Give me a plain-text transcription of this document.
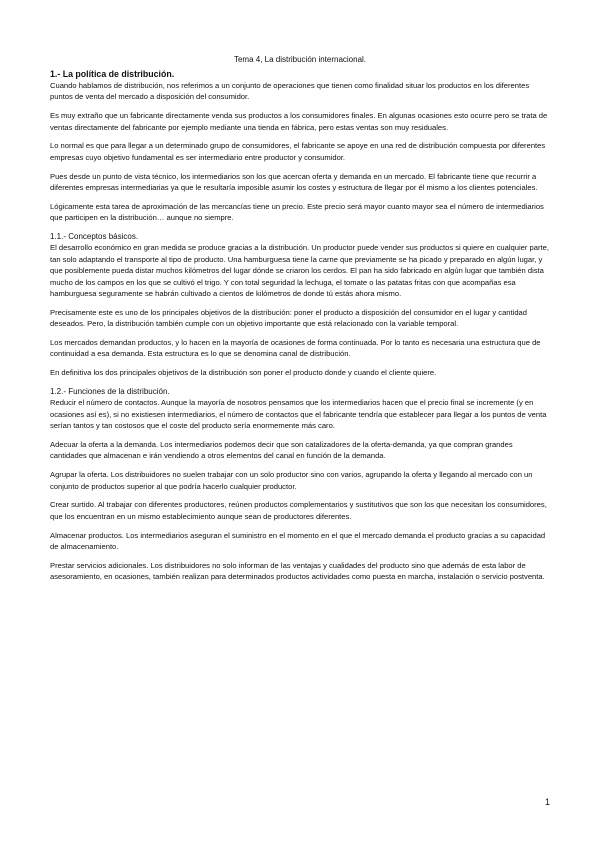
Tema 4, La distribución internacional.
1.- La política de distribución.

Cuando hablamos de distribución, nos referimos a un conjunto de operaciones que tienen como finalidad situar los productos en los diferentes puntos de venta del mercado a disposición del consumidor.

Es muy extraño que un fabricante directamente venda sus productos a los consumidores finales. En algunas ocasiones esto ocurre pero se trata de ventas directamente del fabricante por ejemplo mediante una tienda en fábrica, pero estas ventas son muy residuales.

Lo normal es que para llegar a un determinado grupo de consumidores, el fabricante se apoye en una red de distribución compuesta por diferentes empresas cuyo objetivo fundamental es ser intermediario entre productor y consumidor.

Pues desde un punto de vista técnico, los intermediarios son los que acercan oferta y demanda en un mercado. El fabricante tiene que recurrir a diferentes empresas intermediarias ya que le resultaría imposible asumir los costes y estructura de llegar por él mismo a los clientes potenciales.

Lógicamente esta tarea de aproximación de las mercancías tiene un precio. Este precio será mayor cuanto mayor sea el número de intermediarios que participen en la distribución… aunque no siempre.

1.1.- Conceptos básicos.

El desarrollo económico en gran medida se produce gracias a la distribución. Un productor puede vender sus productos si quiere en cualquier parte, tan solo adaptando el transporte al tipo de producto. Una hamburguesa tiene la carne que previamente se ha picado y preparado en algún lugar, y que posiblemente pueda distar muchos kilómetros del lugar dónde se criaron los cerdos. El pan ha sido fabricado en algún lugar que también dista mucho de los campos en los que se cultivó el trigo. Y con total seguridad la lechuga, el tomate o las patatas fritas con que acompañas esa hamburguesa seguramente se habrán cultivado a cientos de kilómetros de donde tú estás ahora mismo.

Precisamente este es uno de los principales objetivos de la distribución: poner el producto a disposición del consumidor en el lugar y cantidad deseados. Pero, la distribución también cumple con un objetivo importante que está relacionado con la variable temporal.

Los mercados demandan productos, y lo hacen en la mayoría de ocasiones de forma continuada. Por lo tanto es necesaria una estructura que de continuidad a esa demanda. Esta estructura es lo que se denomina canal de distribución.

En definitiva los dos principales objetivos de la distribución son poner el producto donde y cuando el cliente quiere.

1.2.- Funciones de la distribución.

Reducir el número de contactos. Aunque la mayoría de nosotros pensamos que los intermediarios hacen que el precio final se incremente (y en ocasiones así es), si no existiesen intermediarios, el número de contactos que el fabricante tendría que establecer para llegar a los puntos de venta serían tantos y tan costosos que el coste del producto sería enormemente más caro.

Adecuar la oferta a la demanda. Los intermediarios podemos decir que son catalizadores de la oferta-demanda, ya que compran grandes cantidades que almacenan e irán vendiendo a otros elementos del canal en función de la demanda.

Agrupar la oferta. Los distribuidores no suelen trabajar con un solo productor sino con varios, agrupando la oferta y llegando al mercado con un conjunto de productos superior al que podría hacerlo cualquier productor.

Crear surtido. Al trabajar con diferentes productores, reúnen productos complementarios y sustitutivos que son los que necesitan los consumidores, que los encuentran en un mismo establecimiento aunque sean de productores diferentes.

Almacenar productos. Los intermediarios aseguran el suministro en el momento en el que el mercado demanda el producto gracias a su capacidad de almacenamiento.

Prestar servicios adicionales. Los distribuidores no solo informan de las ventajas y cualidades del producto sino que además de esta labor de asesoramiento, en ocasiones, también realizan para determinados productos actividades como puesta en marcha, instalación o servicio postventa.

1
